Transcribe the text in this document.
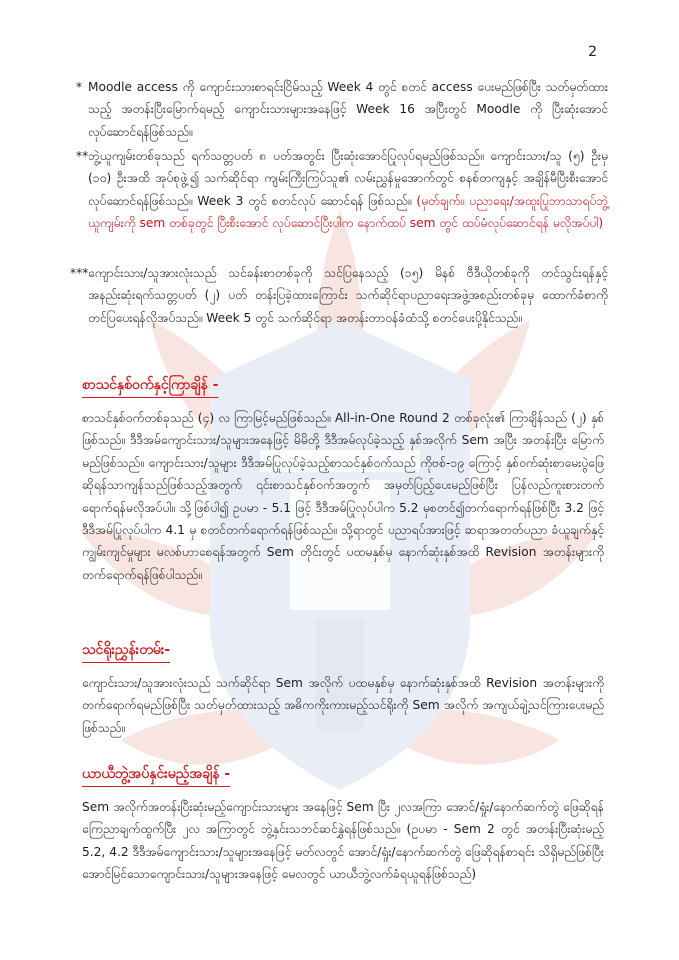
2
* Moodle access ကို ကျောင်းသားစာရင်းငြိမ်သည့် Week 4 တွင် စတင် access ပေးမည်ဖြစ်ပြီး သတ်မှတ်ထားသည့် အတန်းပြီးမြောက်ရမည့် ကျောင်းသားများအနေဖြင့် Week 16 အပြီးတွင် Moodle ကို ပြီးဆုံးအောင် လုပ်ဆောင်ရန်ဖြစ်သည်။
**ဘွဲ့ယူကျမ်းတစ်ခုသည် ရက်သတ္တပတ် ၈ ပတ်အတွင်း ပြီးဆုံးအောင်ပြုလုပ်ရမည်ဖြစ်သည်။ ကျောင်းသား/သူ (၅) ဦးမှ (၁၀) ဦးအထိ အုပ်စုဖွဲ့၍ သက်ဆိုင်ရာ ကျမ်းကြီးကြပ်သူ၏ လမ်းညွှန်မှုအောက်တွင် စနစ်တကျနှင့် အချိန်မီပြီးစီးအောင် လုပ်ဆောင်ရန်ဖြစ်သည်။ Week 3 တွင် စတင်လုပ် ဆောင်ရန် ဖြစ်သည်။ (မှတ်ချက်။ ပညာရေး/အထူးပြုဘာသာရပ်ဘွဲ့ယူကျမ်းကို sem တစ်ခုတွင် ပြီးစီးအောင် လုပ်ဆောင်ပြီးပါက နောက်ထပ် sem တွင် ထပ်မံလုပ်ဆောင်ရန် မလိုအပ်ပါ)
***ကျောင်းသား/သူအားလုံးသည် သင်ခန်းစာတစ်ခုကို သင်ပြနေသည့် (၁၅) မိနစ် ဗီဒီယိုတစ်ခုကို တင်သွင်းရန်နှင့် အနည်းဆုံးရက်သတ္တပတ် (၂) ပတ် တန်းပြခဲ့ထားကြောင်း သက်ဆိုင်ရာပညာရေးအဖွဲ့အစည်းတစ်ခုမှ ထောက်ခံစာကိုတင်ပြပေးရန်လိုအပ်သည်။ Week 5 တွင် သက်ဆိုင်ရာ အတန်းတာဝန်ခံထံသို့ စတင်ပေးပို့နိုင်သည်။
စာသင်နှစ်ဝက်နှင့်ကြာချိန် -
စာသင်နှစ်ဝက်တစ်ခုသည် (၄) လ ကြာမြင့်မည်ဖြစ်သည်။ All-in-One Round 2 တစ်ခုလုံး၏ ကြာချိန်သည် (၂) နှစ်ဖြစ်သည်။ ဒီဒီအမ်ကျောင်းသား/သူများအနေဖြင့် မိမိတို့ ဒီဒီအမ်လုပ်ခဲ့သည့် နှစ်အလိုက် Sem အပြီး အတန်းပြီး မြောက်မည်ဖြစ်သည်။ ကျောင်းသား/သူများ ဒီဒီအမ်ပြုလုပ်ခဲ့သည့်စာသင်နှစ်ဝက်သည် ကိုဗစ်-၁၉ ကြောင့် နှစ်ဝက်ဆုံးစာမေးပွဲဖြေဆိုရန်သာကျန်သည်ဖြစ်သည့်အတွက် ၎င်းစာသင်နှစ်ဝက်အတွက် အမှတ်ပြည့်ပေးမည်ဖြစ်ပြီး ပြန်လည်ကူးစားတက်ရောက်ရန်မလိုအပ်ပါ။ သို့ဖြစ်ပါ၍ ဥပမာ - 5.1 ဖြင့် ဒီဒီအမ်ပြုလုပ်ပါက 5.2 မှစတင်၍တက်ရောက်ရန်ဖြစ်ပြီး 3.2 ဖြင့် ဒီဒီအမ်ပြုလုပ်ပါက 4.1 မှ စတင်တက်ရောက်ရန်ဖြစ်သည်။ သို့ရာတွင် ပညာရပ်အားဖြင့် ဆရာအတတ်ပညာ ခံယူချက်နှင့် ကျွမ်းကျင်မှုများ မလစ်ဟာစေရန်အတွက် Sem တိုင်းတွင် ပထမနှစ်မှ နောက်ဆုံးနှစ်အထိ Revision အတန်းများကို တက်ရောက်ရန်ဖြစ်ပါသည်။
သင်ရိုးညွှန်းတမ်း-
ကျောင်းသား/သူအားလုံးသည် သက်ဆိုင်ရာ Sem အလိုက် ပထမနှစ်မှ နောက်ဆုံးနှစ်အထိ Revision အတန်းများကို တက်ရောက်ရမည်ဖြစ်ပြီး သတ်မှတ်ထားသည့် အဓိကကိုးကားမည့်သင်ရိုးကို Sem အလိုက် အကျယ်ချဲ့သင်ကြားပေးမည်ဖြစ်သည်။
ယာယီဘွဲ့အပ်နှင်းမည့်အချိန် -
Sem အလိုက်အတန်းပြီးဆုံးမည့်ကျောင်းသားများ အနေဖြင့် Sem ပြီး ၂လအကြာ အောင်/ရှုံး/နောက်ဆက်တွဲ ဖြေဆိုရန် ကြေညာချက်ထွက်ပြီး ၂လ အကြာတွင် ဘွဲ့နှင်းသဘင်ဆင်နွှဲရန်ဖြစ်သည်။ (ဥပမာ - Sem 2 တွင် အတန်းပြီးဆုံးမည့် 5.2, 4.2 ဒီဒီအမ်ကျောင်းသား/သူများအနေဖြင့် မတ်လတွင် အောင်/ရှုံး/နောက်ဆက်တွဲ ဖြေဆိုရန်စာရင်း သိရှိမည်ဖြစ်ပြီး အောင်မြင်သောကျောင်းသား/သူများအနေဖြင့် မေလတွင် ယာယီဘွဲ့လက်ခံရယူရန်ဖြစ်သည်)
